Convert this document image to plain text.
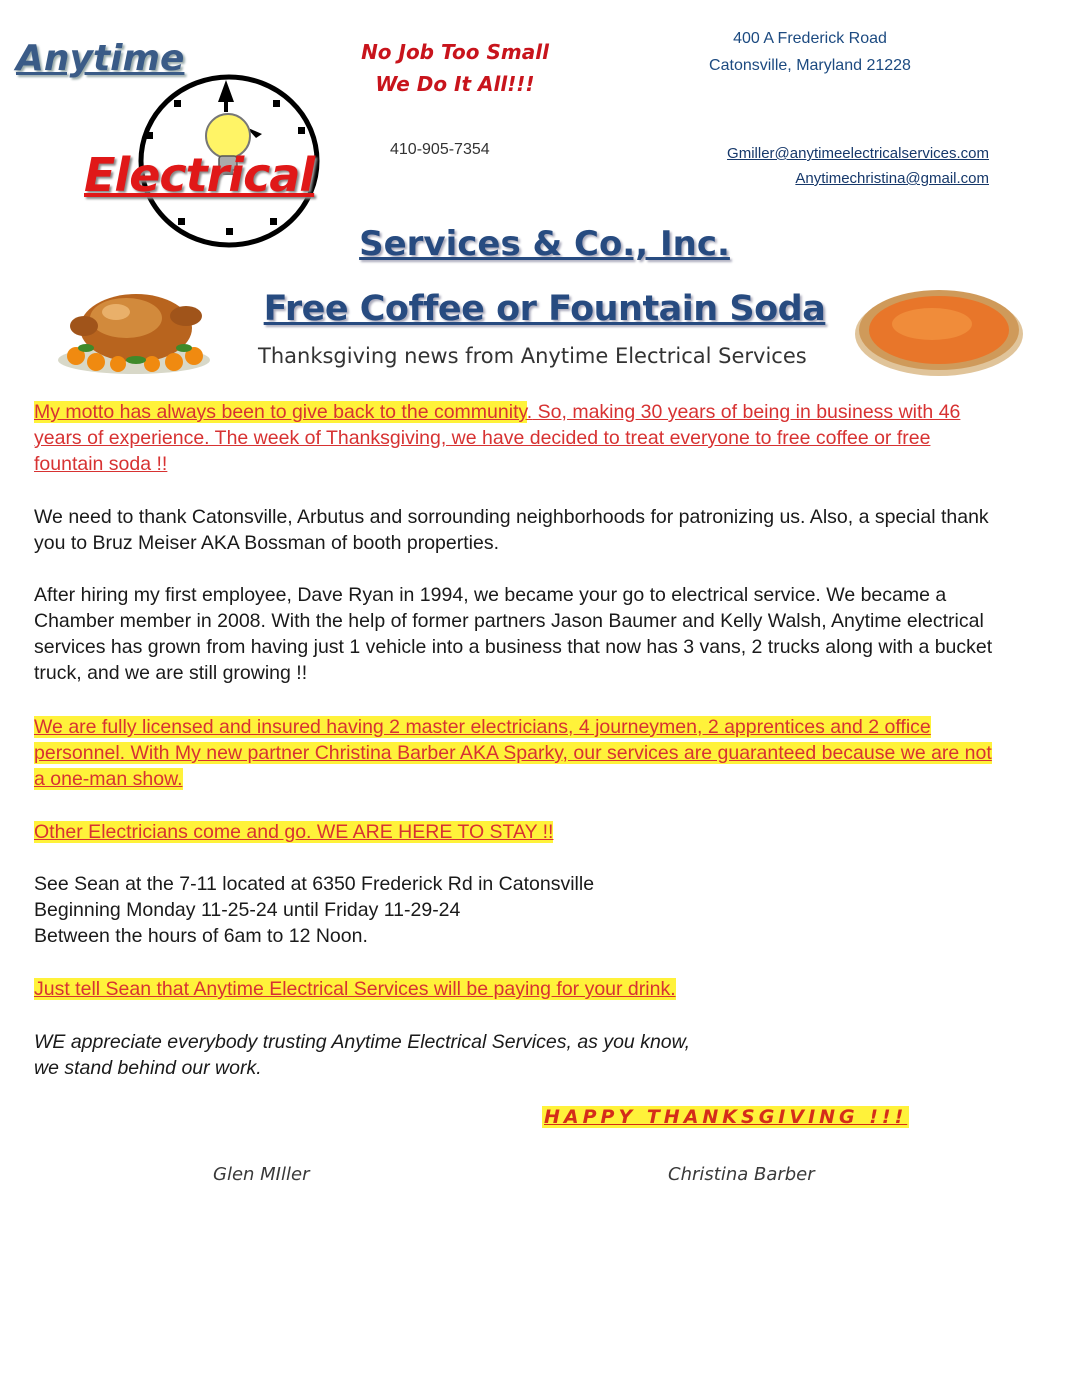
Anytime
Electrical
No Job Too Small
We Do It All!!!
410-905-7354
400 A Frederick Road
Catonsville, Maryland 21228
Gmiller@anytimeelectricalservices.com
Anytimechristina@gmail.com
Services & Co., Inc.
Free Coffee or Fountain Soda
Thanksgiving news from Anytime Electrical Services
My motto has always been to give back to the community. So, making 30 years of being in business with 46 years of experience. The week of Thanksgiving, we have decided to treat everyone to free coffee or free fountain soda !!
We need to thank Catonsville, Arbutus and sorrounding neighborhoods for patronizing us. Also, a special thank you to Bruz Meiser AKA Bossman of booth properties.
After hiring my first employee, Dave Ryan in 1994, we became your go to electrical service. We became a Chamber member in 2008. With the help of former partners Jason Baumer and Kelly Walsh, Anytime electrical services has grown from having just 1 vehicle into a business that now has 3 vans, 2 trucks along with a bucket truck, and we are still growing !!
We are fully licensed and insured having 2 master electricians, 4 journeymen, 2 apprentices and 2 office personnel. With My new partner Christina Barber AKA Sparky, our services are guaranteed because we are not a one-man show.
Other Electricians come and go. WE ARE HERE TO STAY !!
See Sean at the 7-11 located at 6350 Frederick Rd in Catonsville
Beginning Monday 11-25-24 until Friday 11-29-24
Between the hours of 6am to 12 Noon.
Just tell Sean that Anytime Electrical Services will be paying for your drink.
WE appreciate everybody trusting Anytime Electrical Services, as you know,
we stand behind our work.
HAPPY THANKSGIVING !!!
Glen MIller	Christina Barber
